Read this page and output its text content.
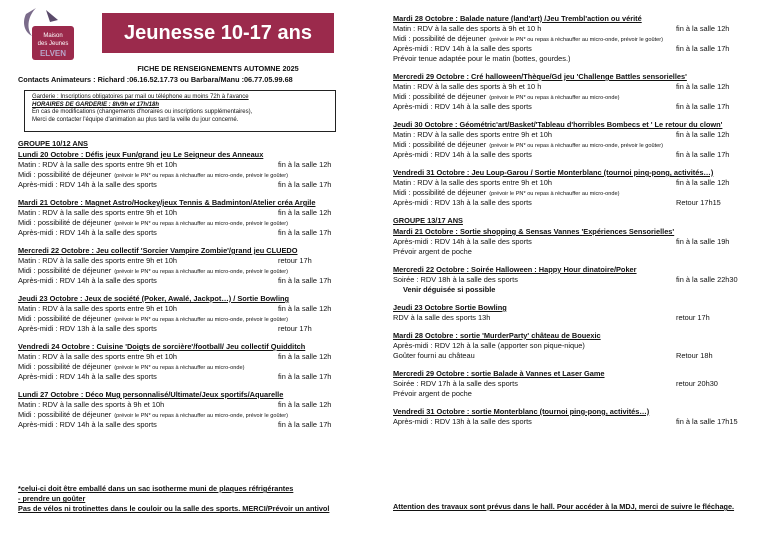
Maison
des Jeunes
ELVEN
Jeunesse 10-17 ans
FICHE DE RENSEIGNEMENTS AUTOMNE 2025
Contacts Animateurs : Richard :06.16.52.17.73 ou Barbara/Manu :06.77.05.99.68
Garderie : Inscriptions obligatoires par mail ou téléphone au moins 72h à l'avance
HORAIRES DE GARDERIE : 8h/9h et 17h/18h
En cas de modifications (changements d'horaires ou inscriptions supplémentaires),
Merci de contacter l'équipe d'animation au plus tard la veille du jour concerné.
GROUPE 10/12 ANS
Lundi 20 Octobre : Défis jeux Fun/grand jeu Le Seigneur des Anneaux
Matin : RDV à la salle des sports entre 9h et 10h	fin à la salle 12h
Midi : possibilité de déjeuner (prévoir le PN* ou repas à réchauffer au micro-onde, prévoir le goûter)
Après-midi : RDV 14h à la salle des sports	fin à la salle 17h
Mardi 21 Octobre : Magnet Astro/Hockey/jeux Tennis & Badminton/Atelier créa Argile
Matin : RDV à la salle des sports entre 9h et 10h	fin à la salle 12h
Midi : possibilité de déjeuner (prévoir le PN* ou repas à réchauffer au micro-onde, prévoir le goûter)
Après-midi : RDV 14h à la salle des sports	fin à la salle 17h
Mercredi 22 Octobre : Jeu collectif 'Sorcier Vampire Zombie'/grand jeu CLUEDO
Matin : RDV à la salle des sports entre 9h et 10h	retour 17h
Midi : possibilité de déjeuner (prévoir le PN* ou repas à réchauffer au micro-onde, prévoir le goûter)
Après-midi : RDV 14h à la salle des sports	fin à la salle 17h
Jeudi 23 Octobre : Jeux de société (Poker, Awalé, Jackpot…) / Sortie Bowling
Matin : RDV à la salle des sports entre 9h et 10h	fin à la salle 12h
Midi : possibilité de déjeuner (prévoir le PN* ou repas à réchauffer au micro-onde, prévoir le goûter)
Après-midi : RDV 13h à la salle des sports	retour 17h
Vendredi 24 Octobre : Cuisine 'Doigts de sorcière'/football/ Jeu collectif Quidditch
Matin : RDV à la salle des sports entre 9h et 10h	fin à la salle 12h
Midi : possibilité de déjeuner (prévoir le PN* ou repas à réchauffer au micro-onde)
Après-midi : RDV 14h à la salle des sports	fin à la salle 17h
Lundi 27 Octobre : Déco Mug personnalisé/Ultimate/Jeux sportifs/Aquarelle
Matin : RDV à la salle des sports à 9h et 10h	fin à la salle 12h
Midi : possibilité de déjeuner (prévoir le PN* ou repas à réchauffer au micro-onde, prévoir le goûter)
Après-midi : RDV 14h à la salle des sports	fin à la salle 17h
Mardi 28 Octobre : Balade nature (land'art) /Jeu Trembl'action ou vérité
Matin : RDV à la salle des sports à 9h et 10 h	fin à la salle 12h
Midi : possibilité de déjeuner (prévoir le PN* ou repas à réchauffer au micro-onde, prévoir le goûter)
Après-midi : RDV 14h à la salle des sports	fin à la salle 17h
Prévoir tenue adaptée pour le matin (bottes, gourdes.)
Mercredi 29 Octobre : Cré halloween/Thèque/Gd jeu 'Challenge Battles sensorielles'
Matin : RDV à la salle des sports à 9h et 10 h	fin à la salle 12h
Midi : possibilité de déjeuner (prévoir le PN* ou repas à réchauffer au micro-onde)
Après-midi : RDV 14h à la salle des sports	fin à la salle 17h
Jeudi 30 Octobre : Géométric'art/Basket/'Tableau d'horribles Bombecs et ' Le retour du clown'
Matin : RDV à la salle des sports entre 9h et 10h	fin à la salle 12h
Midi : possibilité de déjeuner (prévoir le PN* ou repas à réchauffer au micro-onde, prévoir le goûter)
Après-midi : RDV 14h à la salle des sports	fin à la salle 17h
Vendredi 31 Octobre : Jeu Loup-Garou / Sortie Monterblanc (tournoi ping-pong, activités…)
Matin : RDV à la salle des sports entre 9h et 10h	fin à la salle 12h
Midi : possibilité de déjeuner (prévoir le PN* ou repas à réchauffer au micro-onde)
Après-midi : RDV 13h à la salle des sports	Retour 17h15
GROUPE 13/17 ANS
Mardi 21 Octobre : Sortie shopping & Sensas Vannes 'Expériences Sensorielles'
Après-midi : RDV 14h à la salle des sports	fin à la salle 19h
Prévoir argent de poche
Mercredi 22 Octobre : Soirée Halloween : Happy Hour dinatoire/Poker
Soirée : RDV 18h à la salle des sports	fin à la salle 22h30
Venir déguisée si possible
Jeudi 23 Octobre Sortie Bowling
RDV à la salle des sports 13h	retour 17h
Mardi 28 Octobre : sortie 'MurderParty' château de Bouexic
Après-midi : RDV 12h à la salle (apporter son pique-nique)
Goûter fourni au château	Retour 18h
Mercredi 29 Octobre : sortie Balade à Vannes et Laser Game
Soirée : RDV 17h à la salle des sports	retour 20h30
Prévoir argent de poche
Vendredi 31 Octobre : sortie Monterblanc (tournoi ping-pong, activités…)
Après-midi : RDV 13h à la salle des sports	fin à la salle 17h15
*celui-ci doit être emballé dans un sac isotherme muni de plaques réfrigérantes
- prendre un goûter
Pas de vélos ni trotinettes dans le couloir ou la salle des sports. MERCI/Prévoir un antivol	Attention des travaux sont prévus dans le hall. Pour accéder à la MDJ, merci de suivre le fléchage.
